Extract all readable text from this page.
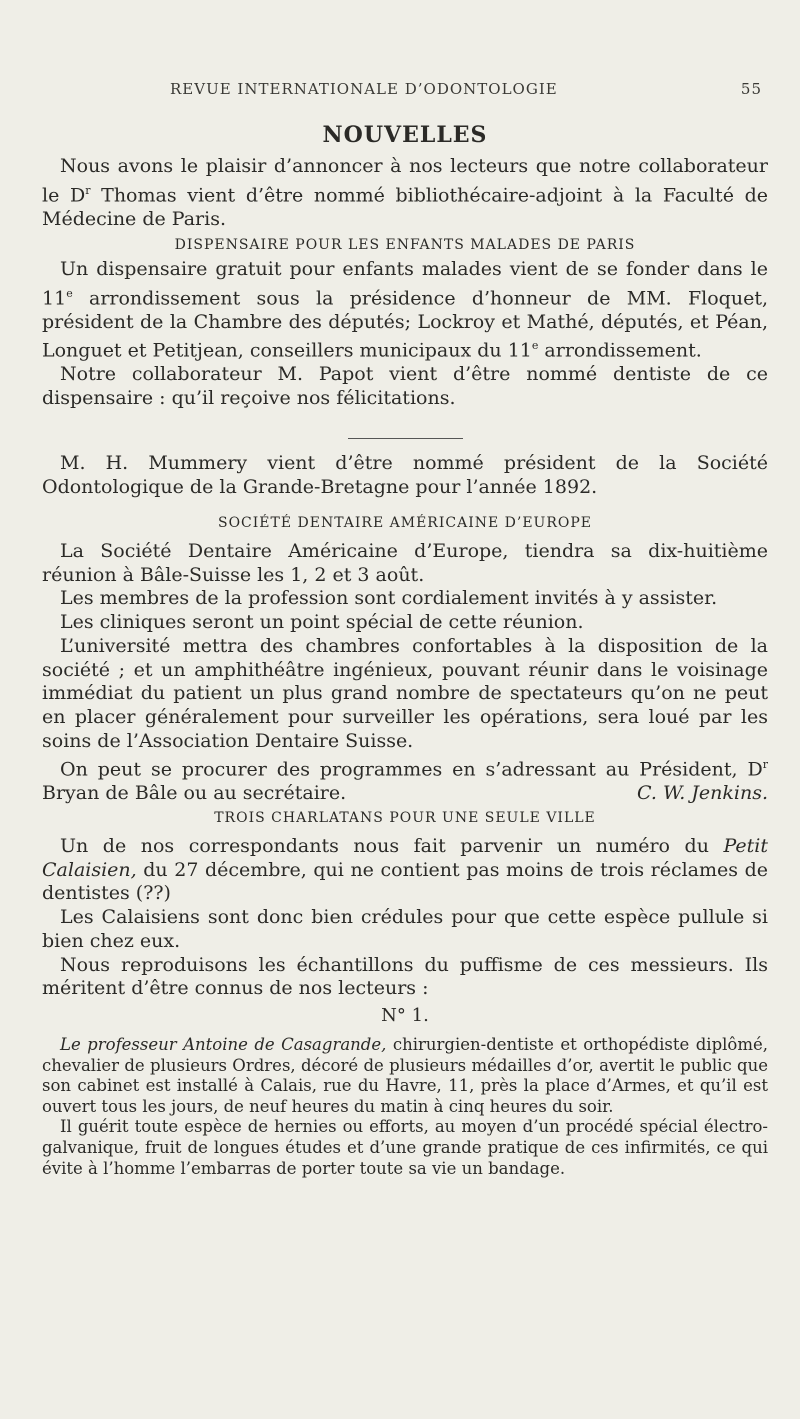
REVUE INTERNATIONALE D’ODONTOLOGIE	55
NOUVELLES

Nous avons le plaisir d’annoncer à nos lecteurs que notre collaborateur le $D^r$ Thomas vient d’être nommé bibliothécaire-adjoint à la Faculté de Médecine de Paris.

DISPENSAIRE POUR LES ENFANTS MALADES DE PARIS

Un dispensaire gratuit pour enfants malades vient de se fonder dans le 11e arrondissement sous la présidence d’honneur de MM. Floquet, président de la Chambre des députés; Lockroy et Mathé, députés, et Péan, Longuet et Petitjean, conseillers municipaux du 11e arrondissement.

Notre collaborateur M. Papot vient d’être nommé dentiste de ce dispensaire : qu’il reçoive nos félicitations.

M. H. Mummery vient d’être nommé président de la Société Odontologique de la Grande-Bretagne pour l’année 1892.

SOCIÉTÉ DENTAIRE AMÉRICAINE D’EUROPE

La Société Dentaire Américaine d’Europe, tiendra sa dix-huitième réunion à Bâle-Suisse les 1, 2 et 3 août.

Les membres de la profession sont cordialement invités à y assister.

Les cliniques seront un point spécial de cette réunion.

L’université mettra des chambres confortables à la disposition de la société ; et un amphithéâtre ingénieux, pouvant réunir dans le voisinage immédiat du patient un plus grand nombre de spectateurs qu’on ne peut en placer généralement pour surveiller les opérations, sera loué par les soins de l’Association Dentaire Suisse.

On peut se procurer des programmes en s’adressant au Président, $D^r$ Bryan de Bâle ou au secrétaire.	C. W. Jenkins.

TROIS CHARLATANS POUR UNE SEULE VILLE

Un de nos correspondants nous fait parvenir un numéro du Petit Calaisien, du 27 décembre, qui ne contient pas moins de trois réclames de dentistes (??)

Les Calaisiens sont donc bien crédules pour que cette espèce pullule si bien chez eux.

Nous reproduisons les échantillons du puffisme de ces messieurs. Ils méritent d’être connus de nos lecteurs :

N° 1.

Le professeur Antoine de Casagrande, chirurgien-dentiste et orthopédiste diplômé, chevalier de plusieurs Ordres, décoré de plusieurs médailles d’or, avertit le public que son cabinet est installé à Calais, rue du Havre, 11, près la place d’Armes, et qu’il est ouvert tous les jours, de neuf heures du matin à cinq heures du soir.

Il guérit toute espèce de hernies ou efforts, au moyen d’un procédé spécial électro-galvanique, fruit de longues études et d’une grande pratique de ces infirmités, ce qui évite à l’homme l’embarras de porter toute sa vie un bandage.
